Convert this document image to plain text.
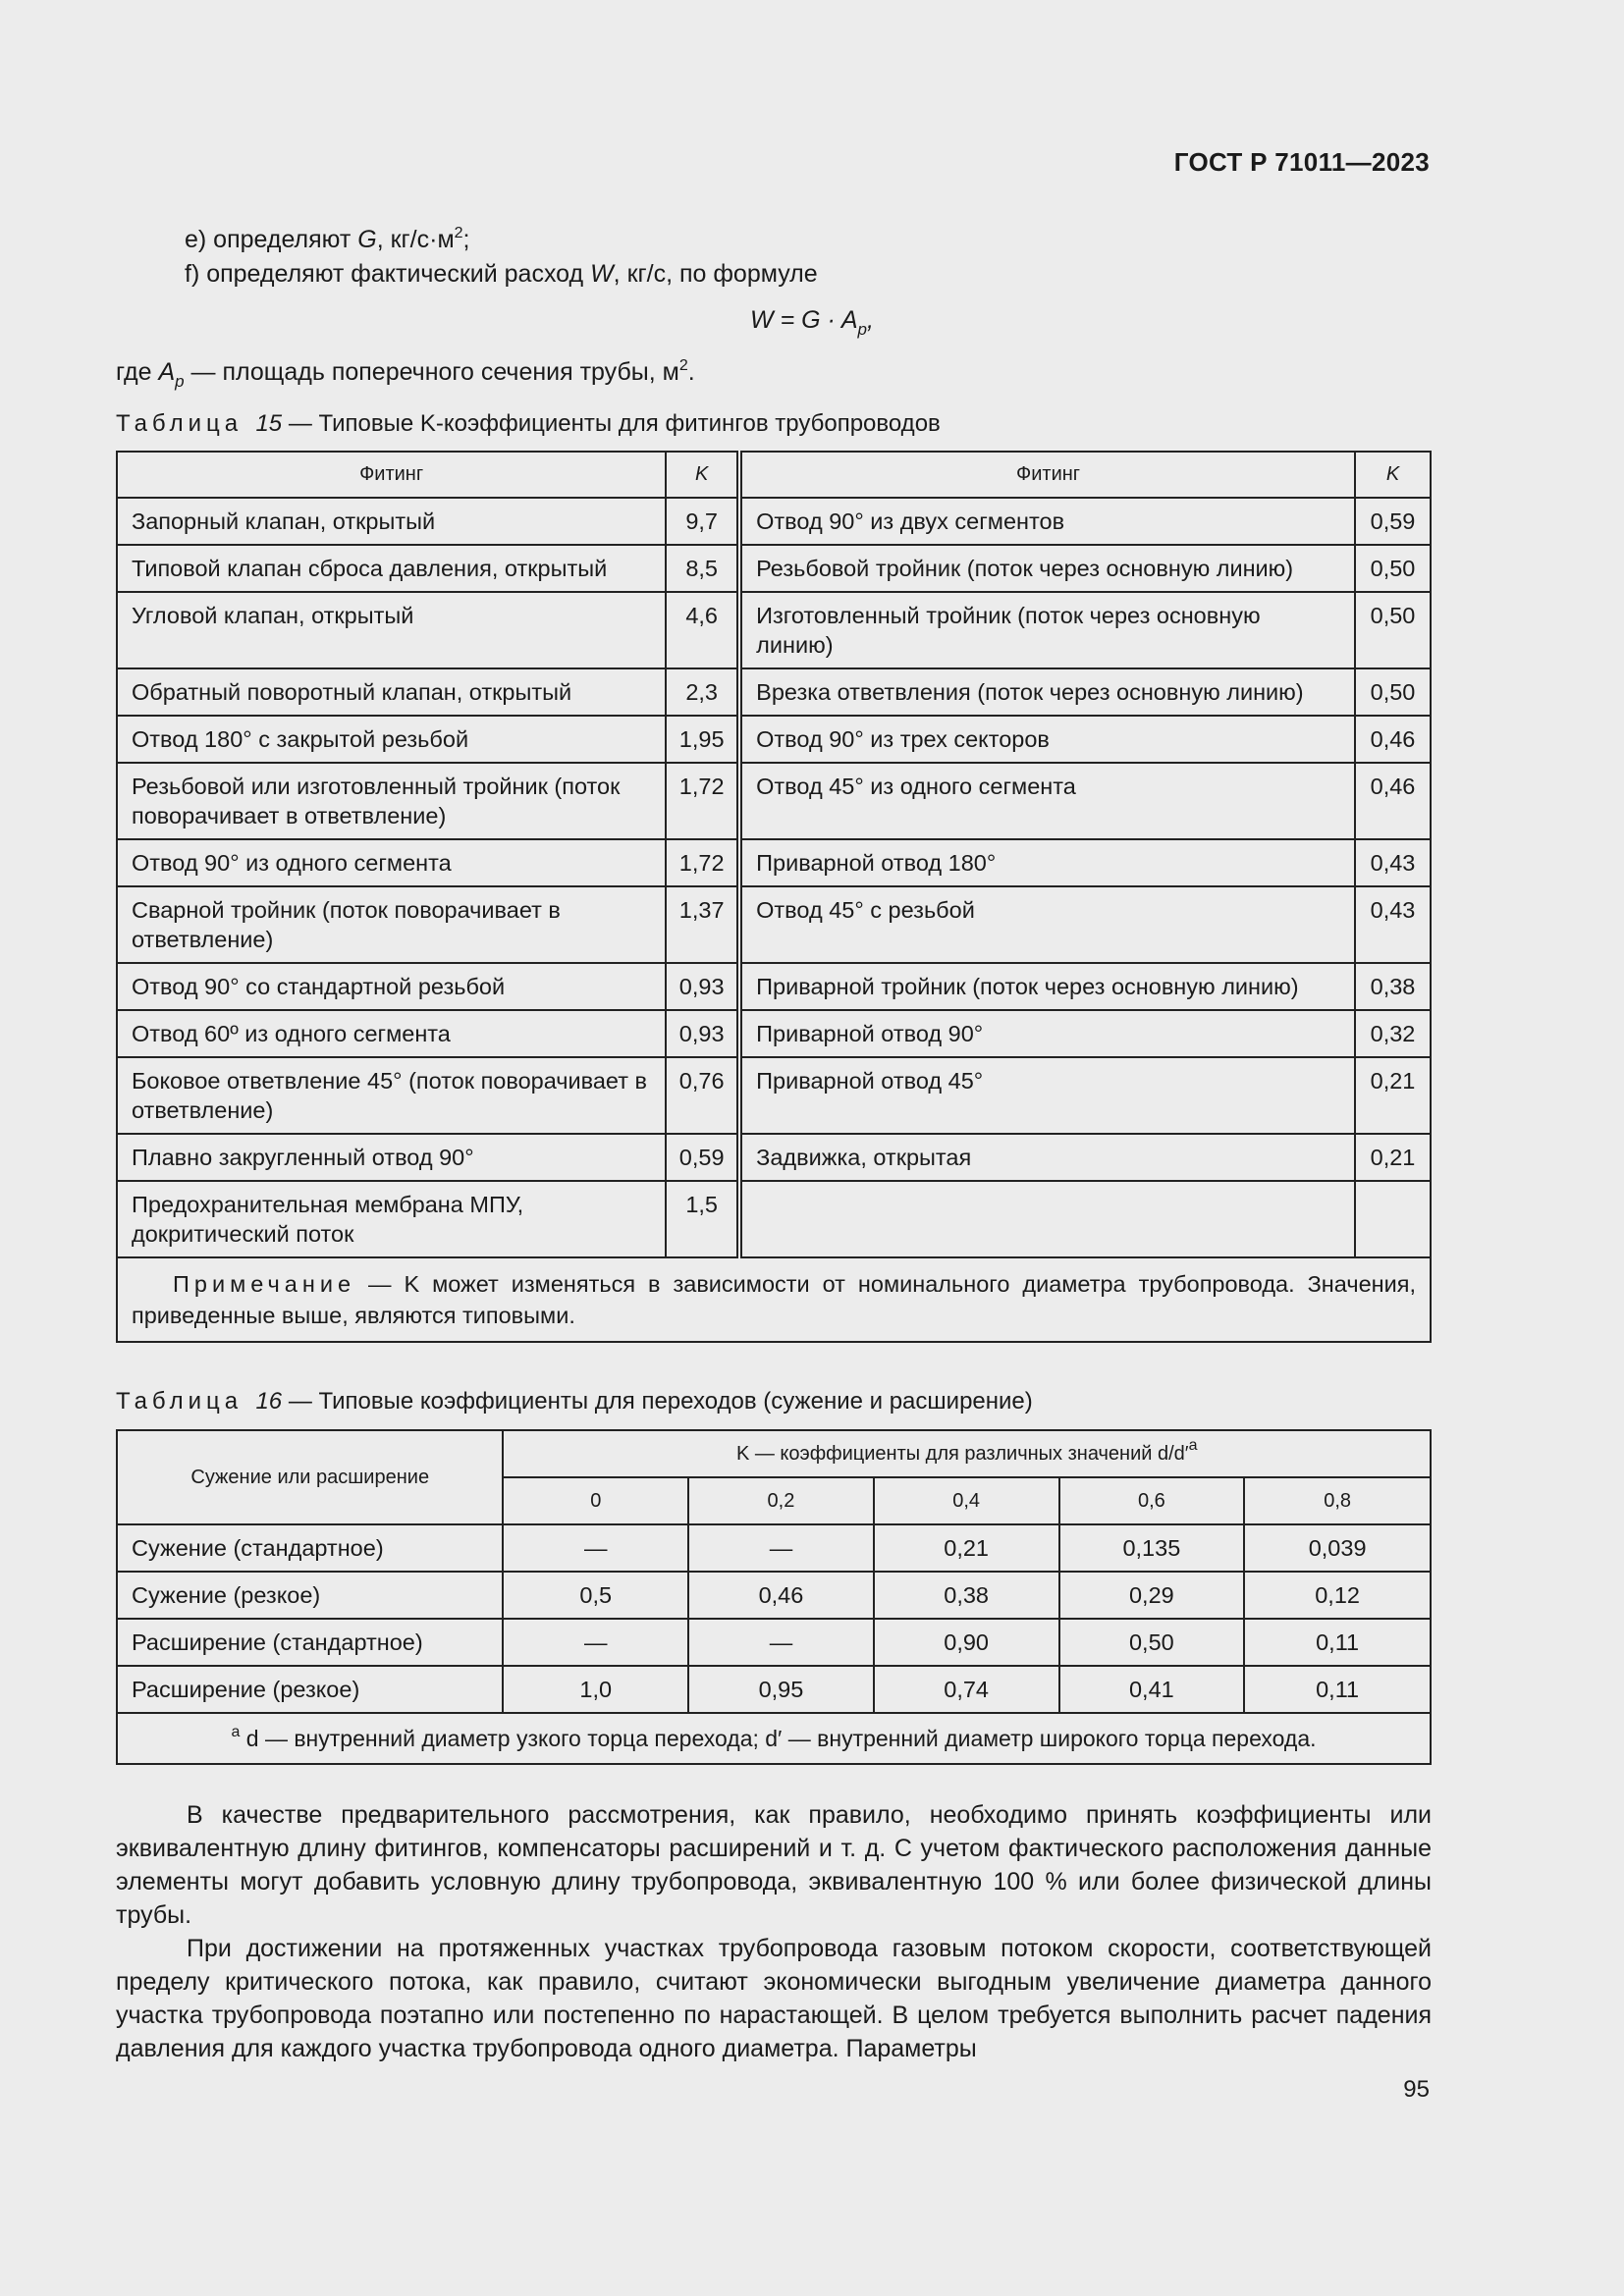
ГОСТ Р 71011—2023
е) определяют G, $кг/с\cdot м^2$;
f) определяют фактический расход W, кг/с, по формуле
$W = G \cdot A_p$,
где $A_p$ — площадь поперечного сечения трубы, $м^2$.
Таблица 15 — Типовые K-коэффициенты для фитингов трубопроводов
Фитинг	K	Фитинг	K
Запорный клапан, открытый	9,7	Отвод 90° из двух сегментов	0,59
Типовой клапан сброса давления, открытый	8,5	Резьбовой тройник (поток через основную линию)	0,50
Угловой клапан, открытый	4,6	Изготовленный тройник (поток через основную линию)	0,50
Обратный поворотный клапан, открытый	2,3	Врезка ответвления (поток через основную линию)	0,50
Отвод 180° с закрытой резьбой	1,95	Отвод 90° из трех секторов	0,46
Резьбовой или изготовленный тройник (поток поворачивает в ответвление)	1,72	Отвод 45° из одного сегмента	0,46
Отвод 90° из одного сегмента	1,72	Приварной отвод 180°	0,43
Сварной тройник (поток поворачивает в ответвление)	1,37	Отвод 45° с резьбой	0,43
Отвод 90° со стандартной резьбой	0,93	Приварной тройник (поток через основную линию)	0,38
Отвод 60º из одного сегмента	0,93	Приварной отвод 90°	0,32
Боковое ответвление 45° (поток поворачивает в ответвление)	0,76	Приварной отвод 45°	0,21
Плавно закругленный отвод 90°	0,59	Задвижка, открытая	0,21
Предохранительная мембрана МПУ, докритический поток	1,5		
Примечание — K может изменяться в зависимости от номинального диаметра трубопровода. Значения, приведенные выше, являются типовыми.			
Таблица 16 — Типовые коэффициенты для переходов (сужение и расширение)
Сужение или расширение	K — коэффициенты для различных значений $d/d'^a$
	0	0,2	0,4	0,6	0,8
Сужение (стандартное)	—	—	0,21	0,135	0,039
Сужение (резкое)	0,5	0,46	0,38	0,29	0,12
Расширение (стандартное)	—	—	0,90	0,50	0,11
Расширение (резкое)	1,0	0,95	0,74	0,41	0,11
$^a$ d — внутренний диаметр узкого торца перехода; d′ — внутренний диаметр широкого торца перехода.					
В качестве предварительного рассмотрения, как правило, необходимо принять коэффициенты или эквивалентную длину фитингов, компенсаторы расширений и т. д. С учетом фактического расположения данные элементы могут добавить условную длину трубопровода, эквивалентную 100 % или более физической длины трубы.
При достижении на протяженных участках трубопровода газовым потоком скорости, соответствующей пределу критического потока, как правило, считают экономически выгодным увеличение диаметра данного участка трубопровода поэтапно или постепенно по нарастающей. В целом требуется выполнить расчет падения давления для каждого участка трубопровода одного диаметра. Параметры
95
